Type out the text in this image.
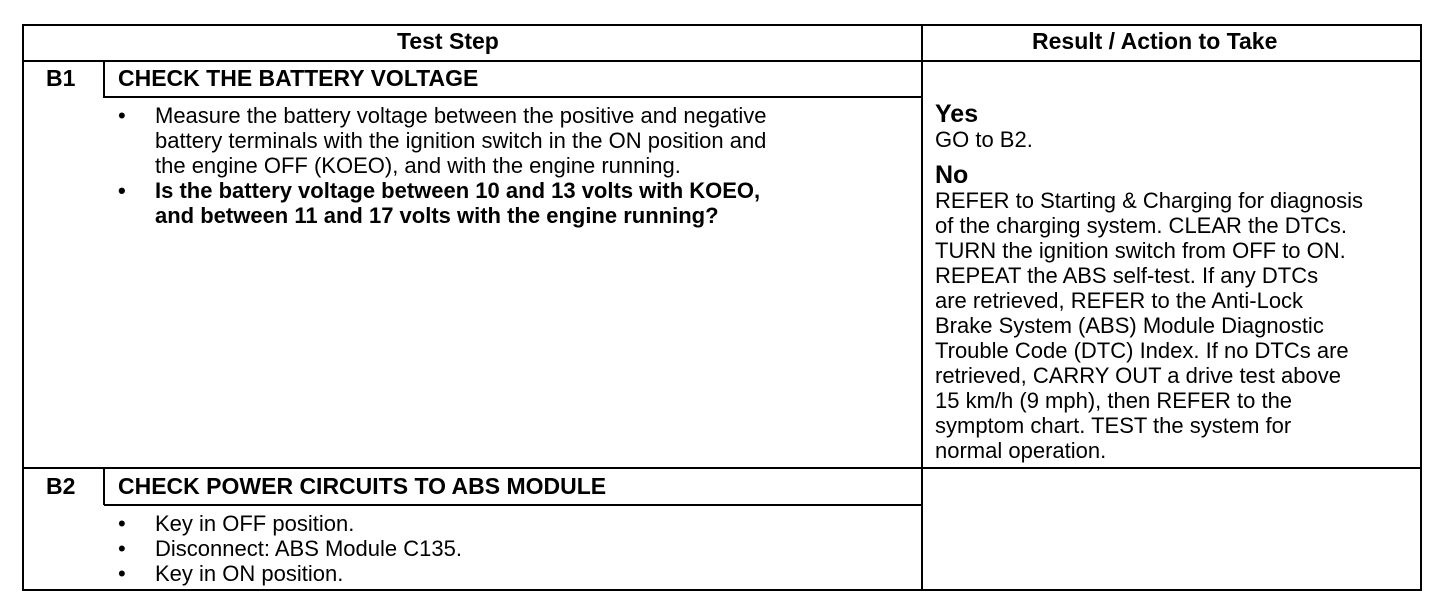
Test Step	Result / Action to Take
B1 CHECK THE BATTERY VOLTAGE
• Measure the battery voltage between the positive and negative
battery terminals with the ignition switch in the ON position and
the engine OFF (KOEO), and with the engine running.
• Is the battery voltage between 10 and 13 volts with KOEO,
and between 11 and 17 volts with the engine running?
Yes
GO to B2.
No
REFER to Starting & Charging for diagnosis
of the charging system. CLEAR the DTCs.
TURN the ignition switch from OFF to ON.
REPEAT the ABS self-test. If any DTCs
are retrieved, REFER to the Anti-Lock
Brake System (ABS) Module Diagnostic
Trouble Code (DTC) Index. If no DTCs are
retrieved, CARRY OUT a drive test above
15 km/h (9 mph), then REFER to the
symptom chart. TEST the system for
normal operation.
B2 CHECK POWER CIRCUITS TO ABS MODULE
• Key in OFF position.
• Disconnect: ABS Module C135.
• Key in ON position.
